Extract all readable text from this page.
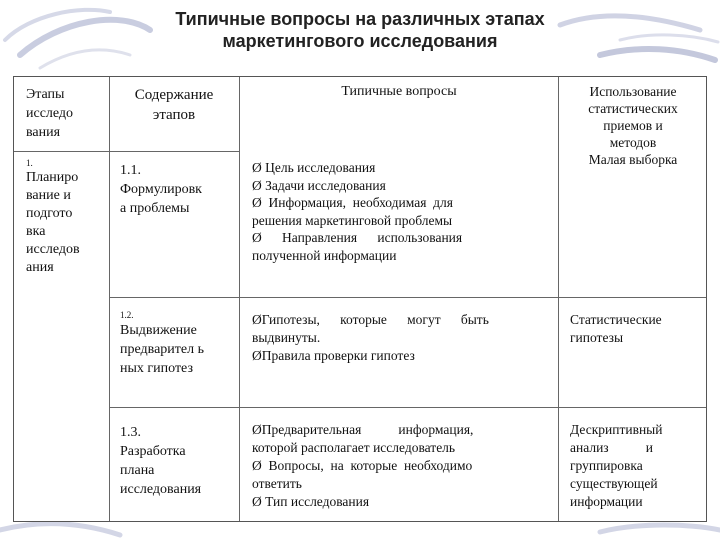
Типичные вопросы на различных этапах
маркетингового исследования
Этапы
исследо
вания
Содержание
этапов
Типичные вопросы	Использование
статистических
приемов и
методов
Малая выборка
1.
Планиро
вание и
подгото
вка
исследов
ания
1.1.
Формулировк
а проблемы
Ø Цель исследования
Ø Задачи исследования
Ø  Информация,  необходимая  для
решения маркетинговой проблемы
Ø      Направления      использования
полученной информации
1.2.
Выдвижение
предварител ь
ных гипотез
ØГипотезы,      которые      могут      быть
выдвинуты.
ØПравила проверки гипотез
Статистические
гипотезы
1.3.
Разработка
плана
исследования
ØПредварительная           информация,
которой располагает исследователь
Ø  Вопросы,  на  которые  необходимо
ответить
Ø Тип исследования
Дескриптивный
анализ           и
группировка
существующей
информации
